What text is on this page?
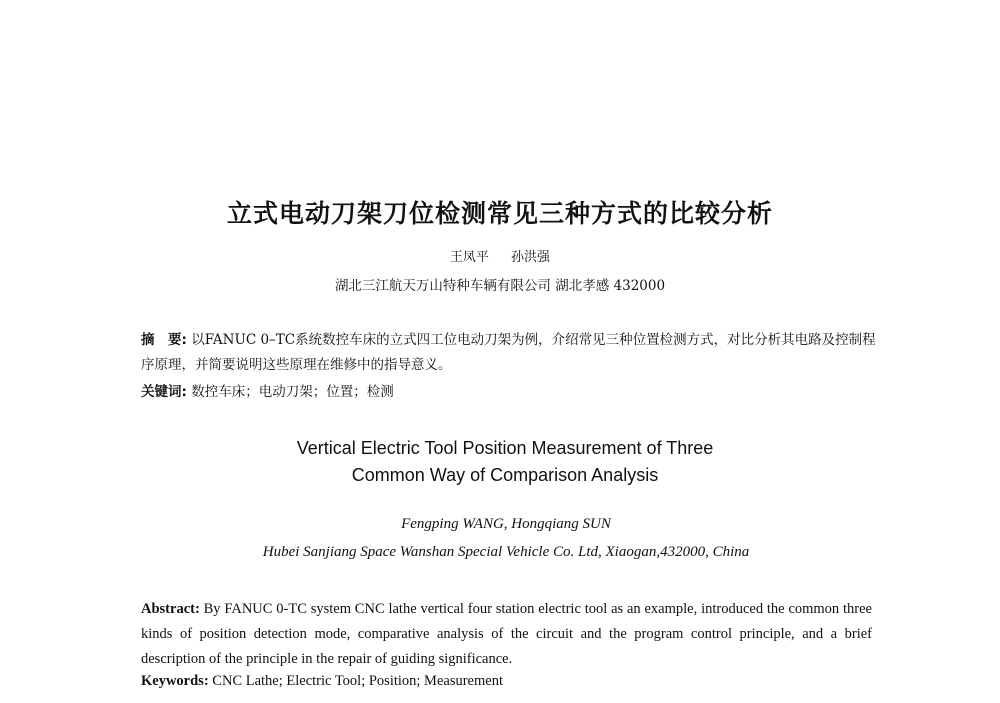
立式电动刀架刀位检测常见三种方式的比较分析
王凤平 孙洪强
湖北三江航天万山特种车辆有限公司 湖北孝感 432000
摘　要: 以FANUC 0–TC系统数控车床的立式四工位电动刀架为例，介绍常见三种位置检测方式，对比分析其电路及控制程序原理，并简要说明这些原理在维修中的指导意义。
关键词: 数控车床；电动刀架；位置；检测
Vertical Electric Tool Position Measurement of Three
Common Way of Comparison Analysis
Fengping WANG, Hongqiang SUN
Hubei Sanjiang Space Wanshan Special Vehicle Co. Ltd, Xiaogan,432000, China
Abstract: By FANUC 0-TC system CNC lathe vertical four station electric tool as an example, introduced the common three kinds of position detection mode, comparative analysis of the circuit and the program control principle, and a brief description of the principle in the repair of guiding significance.
Keywords: CNC Lathe; Electric Tool; Position; Measurement
